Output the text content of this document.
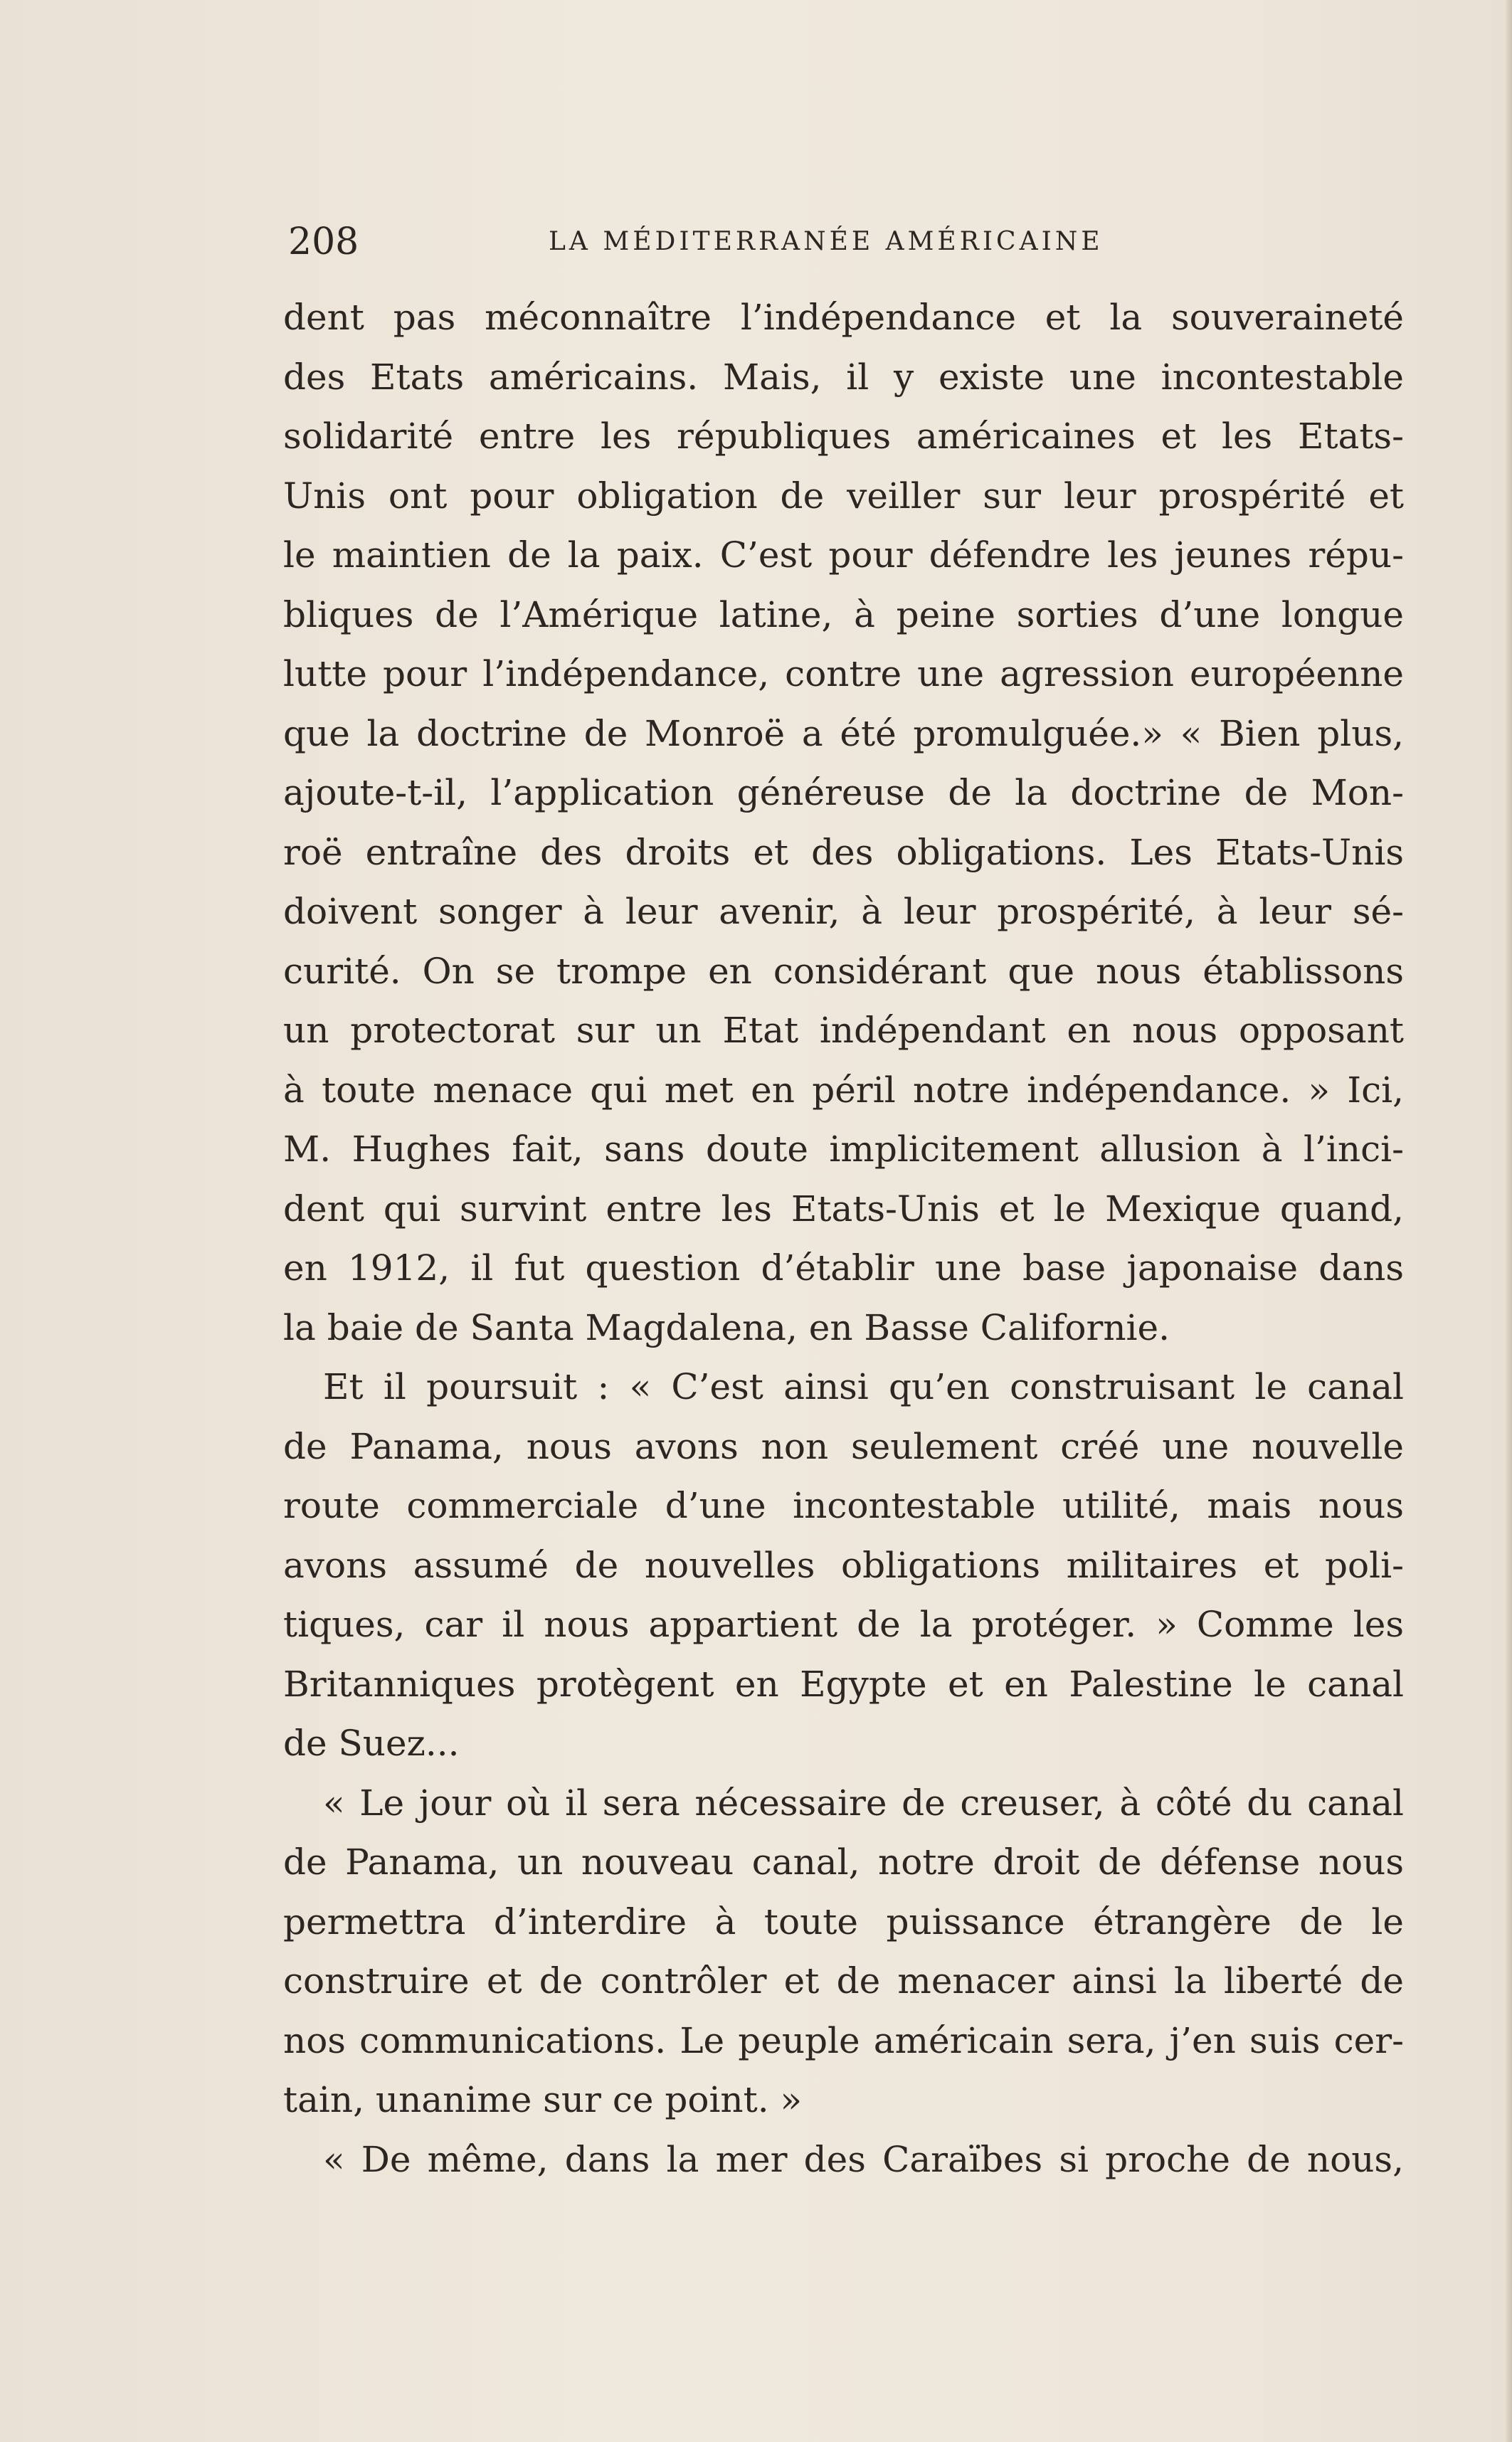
208	LA MÉDITERRANÉE AMÉRICAINE
dent pas méconnaître l’indépendance et la souveraineté
des Etats américains. Mais, il y existe une incontestable
solidarité entre les républiques américaines et les Etats-
Unis ont pour obligation de veiller sur leur prospérité et
le maintien de la paix. C’est pour défendre les jeunes répu-
bliques de l’Amérique latine, à peine sorties d’une longue
lutte pour l’indépendance, contre une agression européenne
que la doctrine de Monroë a été promulguée.» « Bien plus,
ajoute-t-il, l’application généreuse de la doctrine de Mon-
roë entraîne des droits et des obligations. Les Etats-Unis
doivent songer à leur avenir, à leur prospérité, à leur sé-
curité. On se trompe en considérant que nous établissons
un protectorat sur un Etat indépendant en nous opposant
à toute menace qui met en péril notre indépendance. » Ici,
M. Hughes fait, sans doute implicitement allusion à l’inci-
dent qui survint entre les Etats-Unis et le Mexique quand,
en 1912, il fut question d’établir une base japonaise dans
la baie de Santa Magdalena, en Basse Californie.
Et il poursuit : « C’est ainsi qu’en construisant le canal
de Panama, nous avons non seulement créé une nouvelle
route commerciale d’une incontestable utilité, mais nous
avons assumé de nouvelles obligations militaires et poli-
tiques, car il nous appartient de la protéger. » Comme les
Britanniques protègent en Egypte et en Palestine le canal
de Suez...
« Le jour où il sera nécessaire de creuser, à côté du canal
de Panama, un nouveau canal, notre droit de défense nous
permettra d’interdire à toute puissance étrangère de le
construire et de contrôler et de menacer ainsi la liberté de
nos communications. Le peuple américain sera, j’en suis cer-
tain, unanime sur ce point. »
« De même, dans la mer des Caraïbes si proche de nous,
